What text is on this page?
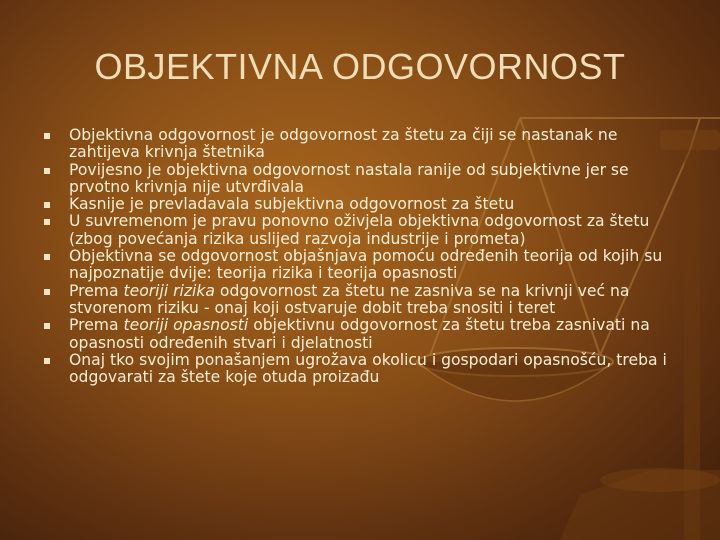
OBJEKTIVNA ODGOVORNOST
Objektivna odgovornost je odgovornost za štetu za čiji se nastanak ne zahtijeva krivnja štetnika
Povijesno je objektivna odgovornost nastala ranije od subjektivne jer se prvotno krivnja nije utvrđivala
Kasnije je prevladavala subjektivna odgovornost za štetu
U suvremenom je pravu ponovno oživjela objektivna odgovornost za štetu (zbog povećanja rizika uslijed razvoja industrije i prometa)
Objektivna se odgovornost objašnjava pomoću određenih teorija od kojih su najpoznatije dvije: teorija rizika i teorija opasnosti
Prema teoriji rizika odgovornost za štetu ne zasniva se na krivnji već na stvorenom riziku - onaj koji ostvaruje dobit treba snositi i teret
Prema teoriji opasnosti objektivnu odgovornost za štetu treba zasnivati na opasnosti određenih stvari i djelatnosti
Onaj tko svojim ponašanjem ugrožava okolicu i gospodari opasnošću, treba i odgovarati za štete koje otuda proizađu
